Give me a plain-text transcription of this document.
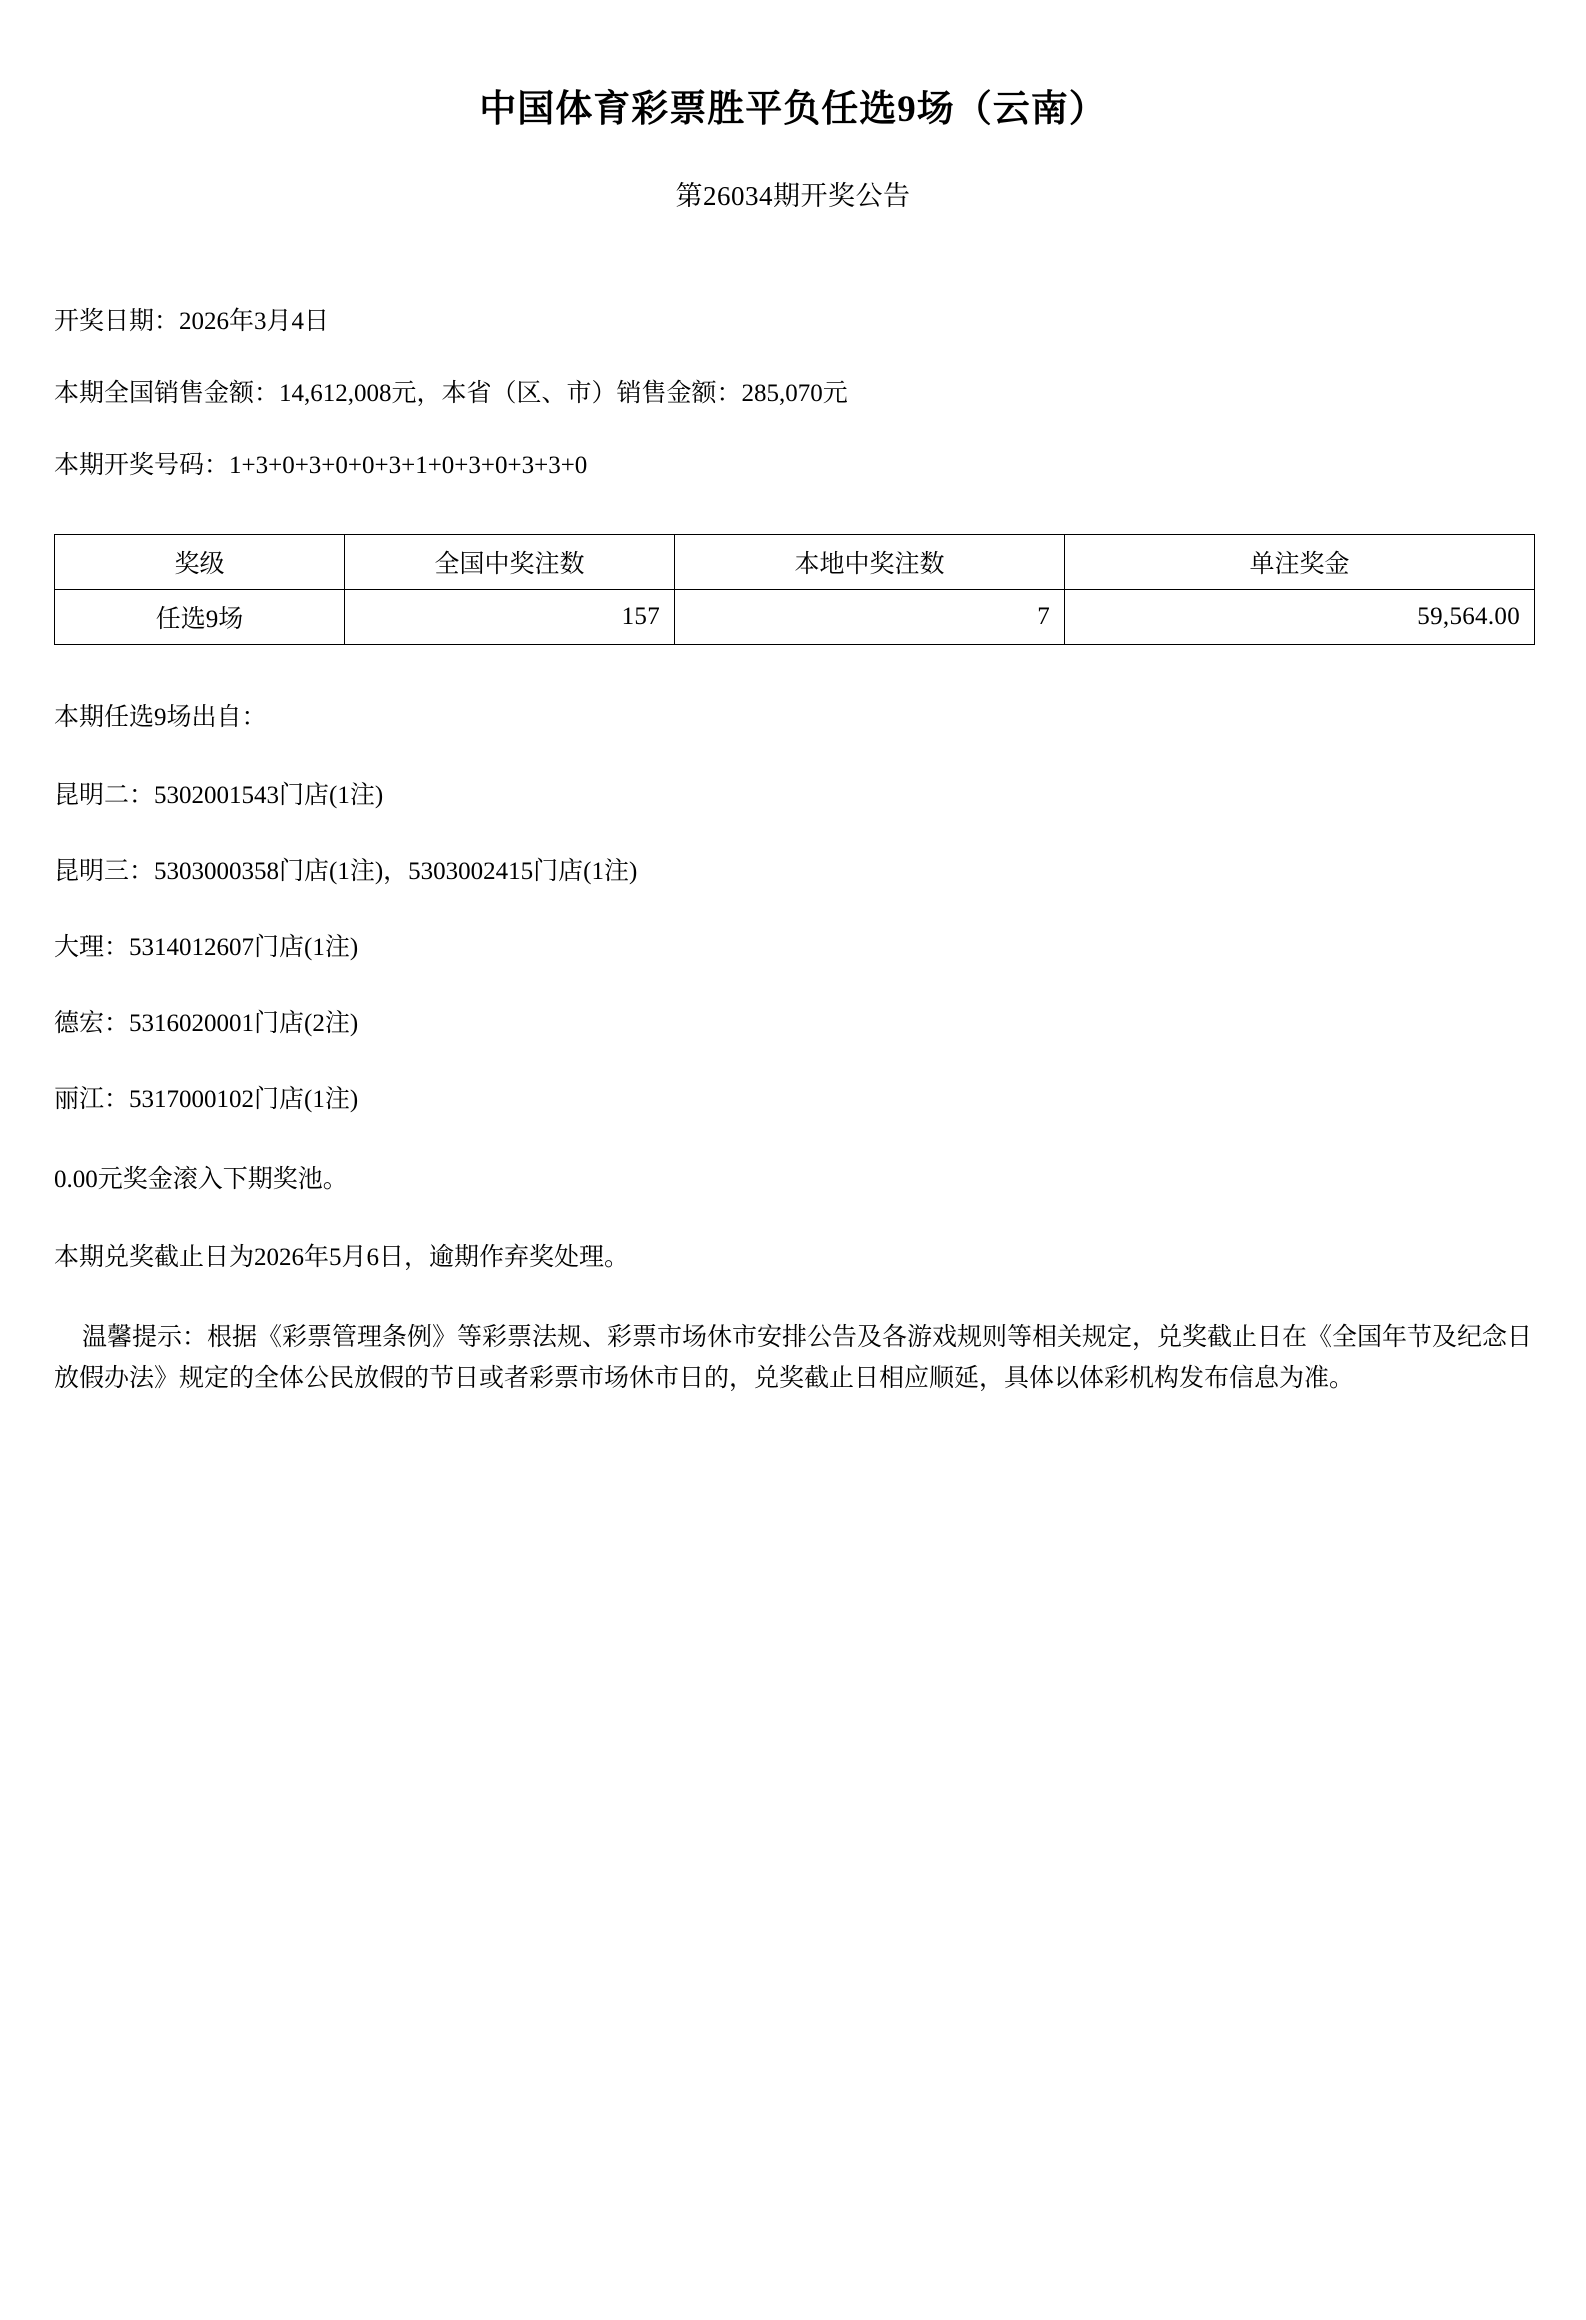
中国体育彩票胜平负任选9场（云南）
第26034期开奖公告
开奖日期：2026年3月4日
本期全国销售金额：14,612,008元，本省（区、市）销售金额：285,070元
本期开奖号码：1+3+0+3+0+0+3+1+0+3+0+3+3+0
奖级	全国中奖注数	本地中奖注数	单注奖金
任选9场	157	7	59,564.00
本期任选9场出自：
昆明二：5302001543门店(1注)
昆明三：5303000358门店(1注)，5303002415门店(1注)
大理：5314012607门店(1注)
德宏：5316020001门店(2注)
丽江：5317000102门店(1注)
0.00元奖金滚入下期奖池。
本期兑奖截止日为2026年5月6日，逾期作弃奖处理。
温馨提示：根据《彩票管理条例》等彩票法规、彩票市场休市安排公告及各游戏规则等相关规定，兑奖截止日在《全国年节及纪念日放假办法》规定的全体公民放假的节日或者彩票市场休市日的，兑奖截止日相应顺延，具体以体彩机构发布信息为准。
